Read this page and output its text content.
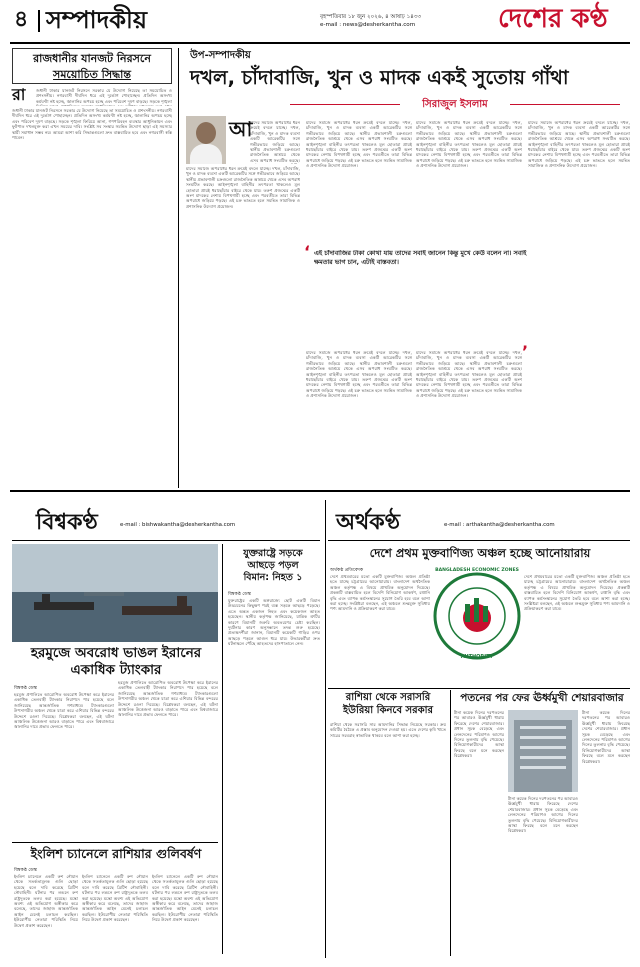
৪ সম্পাদকীয়	বৃহস্পতিবার ১৮ জুন ২০২৬, ৪ আষাঢ় ১৪৩৩
e-mail : news@desherkantha.com	দেশের কণ্ঠ
রাজধানীর যানজট নিরসনে
সময়োচিত সিদ্ধান্ত
রা	জধানী ঢাকার যানজট নিরসনে সরকার যে উদ্যোগ নিয়েছে তা সময়োচিত ও প্রশংসনীয়। নগরবাসী দীর্ঘদিন ধরে এই দুর্ভোগ পোহাচ্ছেন। প্রতিদিন অসংখ্য কর্মঘণ্টা নষ্ট হচ্ছে, জ্বালানির অপচয় হচ্ছে এবং পরিবেশ দূষণ বাড়ছে। সড়কে শৃঙ্খলা
জধানী ঢাকার যানজট নিরসনে সরকার যে উদ্যোগ নিয়েছে তা সময়োচিত ও প্রশংসনীয়। নগরবাসী দীর্ঘদিন ধরে এই দুর্ভোগ পোহাচ্ছেন। প্রতিদিন অসংখ্য কর্মঘণ্টা নষ্ট হচ্ছে, জ্বালানির অপচয় হচ্ছে এবং পরিবেশ দূষণ বাড়ছে। সড়কে শৃঙ্খলা ফিরিয়ে আনা, গণপরিবহন ব্যবস্থার আধুনিকায়ন এবং ফুটপাত দখলমুক্ত করা এখন সময়ের দাবি। সংশ্লিষ্ট সব সংস্থার সমন্বিত উদ্যোগ ছাড়া এই সমস্যার স্থায়ী সমাধান সম্ভব নয়। আমরা আশা করি সিদ্ধান্তগুলো দ্রুত বাস্তবায়িত হবে এবং নগরবাসী স্বস্তি পাবেন।
উপ-সম্পাদকীয়
দখল, চাঁদাবাজি, খুন ও মাদক একই সুতোয় গাঁথা
সিরাজুল ইসলাম
আ
মাদের সমাজে অপরাধের ধরন ক্রমেই বদলে যাচ্ছে। দখল, চাঁদাবাজি, খুন ও মাদক ব্যবসা একটি আরেকটির সঙ্গে গভীরভাবে জড়িয়ে আছে। স্থানীয় প্রভাবশালী চক্রগুলো রাজনৈতিক আশ্রয়ে থেকে এসব অপরাধ সংঘটিত করছে।
মাদের সমাজে অপরাধের ধরন ক্রমেই বদলে যাচ্ছে। দখল, চাঁদাবাজি, খুন ও মাদক ব্যবসা একটি আরেকটির সঙ্গে গভীরভাবে জড়িয়ে আছে। স্থানীয় প্রভাবশালী চক্রগুলো রাজনৈতিক আশ্রয়ে থেকে এসব অপরাধ সংঘটিত করছে। আইনশৃঙ্খলা বাহিনীর তৎপরতা থাকলেও মূল হোতারা প্রায়ই ধরাছোঁয়ার বাইরে থেকে যায়। তরুণ প্রজন্মের একটি অংশ মাদকের নেশায় বিপথগামী হচ্ছে এবং পরবর্তীতে তারা বিভিন্ন অপরাধে জড়িয়ে পড়ছে। এই চক্র ভাঙতে হলে সমন্বিত সামাজিক ও প্রশাসনিক উদ্যোগ প্রয়োজন।
মাদের সমাজে অপরাধের ধরন ক্রমেই বদলে যাচ্ছে। দখল, চাঁদাবাজি, খুন ও মাদক ব্যবসা একটি আরেকটির সঙ্গে গভীরভাবে জড়িয়ে আছে। স্থানীয় প্রভাবশালী চক্রগুলো রাজনৈতিক আশ্রয়ে থেকে এসব অপরাধ সংঘটিত করছে। আইনশৃঙ্খলা বাহিনীর তৎপরতা থাকলেও মূল হোতারা প্রায়ই ধরাছোঁয়ার বাইরে থেকে যায়। তরুণ প্রজন্মের একটি অংশ মাদকের নেশায় বিপথগামী হচ্ছে এবং পরবর্তীতে তারা বিভিন্ন অপরাধে জড়িয়ে পড়ছে। এই চক্র ভাঙতে হলে সমন্বিত সামাজিক ও প্রশাসনিক উদ্যোগ প্রয়োজন।
‘ এই চাঁদাবাজির টাকা কোথা যায় তাদের সবাই জানেন কিন্তু মুখে কেউ বলেন না। সবাই ক্ষমতার ভাগ চান, এটাই বাস্তবতা।
’
মাদের সমাজে অপরাধের ধরন ক্রমেই বদলে যাচ্ছে। দখল, চাঁদাবাজি, খুন ও মাদক ব্যবসা একটি আরেকটির সঙ্গে গভীরভাবে জড়িয়ে আছে। স্থানীয় প্রভাবশালী চক্রগুলো রাজনৈতিক আশ্রয়ে থেকে এসব অপরাধ সংঘটিত করছে। আইনশৃঙ্খলা বাহিনীর তৎপরতা থাকলেও মূল হোতারা প্রায়ই ধরাছোঁয়ার বাইরে থেকে যায়। তরুণ প্রজন্মের একটি অংশ মাদকের নেশায় বিপথগামী হচ্ছে এবং পরবর্তীতে তারা বিভিন্ন অপরাধে জড়িয়ে পড়ছে। এই চক্র ভাঙতে হলে সমন্বিত সামাজিক ও প্রশাসনিক উদ্যোগ প্রয়োজন।
মাদের সমাজে অপরাধের ধরন ক্রমেই বদলে যাচ্ছে। দখল, চাঁদাবাজি, খুন ও মাদক ব্যবসা একটি আরেকটির সঙ্গে গভীরভাবে জড়িয়ে আছে। স্থানীয় প্রভাবশালী চক্রগুলো রাজনৈতিক আশ্রয়ে থেকে এসব অপরাধ সংঘটিত করছে। আইনশৃঙ্খলা বাহিনীর তৎপরতা থাকলেও মূল হোতারা প্রায়ই ধরাছোঁয়ার বাইরে থেকে যায়। তরুণ প্রজন্মের একটি অংশ মাদকের নেশায় বিপথগামী হচ্ছে এবং পরবর্তীতে তারা বিভিন্ন অপরাধে জড়িয়ে পড়ছে। এই চক্র ভাঙতে হলে সমন্বিত সামাজিক ও প্রশাসনিক উদ্যোগ প্রয়োজন।
মাদের সমাজে অপরাধের ধরন ক্রমেই বদলে যাচ্ছে। দখল, চাঁদাবাজি, খুন ও মাদক ব্যবসা একটি আরেকটির সঙ্গে গভীরভাবে জড়িয়ে আছে। স্থানীয় প্রভাবশালী চক্রগুলো রাজনৈতিক আশ্রয়ে থেকে এসব অপরাধ সংঘটিত করছে। আইনশৃঙ্খলা বাহিনীর তৎপরতা থাকলেও মূল হোতারা প্রায়ই ধরাছোঁয়ার বাইরে থেকে যায়। তরুণ প্রজন্মের একটি অংশ মাদকের নেশায় বিপথগামী হচ্ছে এবং পরবর্তীতে তারা বিভিন্ন অপরাধে জড়িয়ে পড়ছে। এই চক্র ভাঙতে হলে সমন্বিত সামাজিক ও প্রশাসনিক উদ্যোগ প্রয়োজন।
মাদের সমাজে অপরাধের ধরন ক্রমেই বদলে যাচ্ছে। দখল, চাঁদাবাজি, খুন ও মাদক ব্যবসা একটি আরেকটির সঙ্গে গভীরভাবে জড়িয়ে আছে। স্থানীয় প্রভাবশালী চক্রগুলো রাজনৈতিক আশ্রয়ে থেকে এসব অপরাধ সংঘটিত করছে। আইনশৃঙ্খলা বাহিনীর তৎপরতা থাকলেও মূল হোতারা প্রায়ই ধরাছোঁয়ার বাইরে থেকে যায়। তরুণ প্রজন্মের একটি অংশ মাদকের নেশায় বিপথগামী হচ্ছে এবং পরবর্তীতে তারা বিভিন্ন অপরাধে জড়িয়ে পড়ছে। এই চক্র ভাঙতে হলে সমন্বিত সামাজিক ও প্রশাসনিক উদ্যোগ প্রয়োজন।
বিশ্বকণ্ঠ	e-mail : bishwakantha@desherkantha.com
যুক্তরাষ্ট্রে সড়কে
আছড়ে পড়ল
বিমান: নিহত ১
বিশ্বকণ্ঠ ডেস্ক
যুক্তরাষ্ট্রের একটি অঙ্গরাজ্যে ছোট একটি বিমান উড্ডয়নের কিছুক্ষণ পরই ব্যস্ত সড়কে আছড়ে পড়েছে। এতে অন্তত একজন নিহত এবং কয়েকজন আহত হয়েছেন। স্থানীয় কর্তৃপক্ষ জানিয়েছে, যান্ত্রিক ত্রুটির কারণে বিমানটি জরুরি অবতরণের চেষ্টা করছিল। দুর্ঘটনার কারণ অনুসন্ধানে তদন্ত শুরু হয়েছে। প্রত্যক্ষদর্শীরা জানান, বিমানটি কয়েকটি গাড়ির ওপর আছড়ে পড়লে আগুন ধরে যায়। উদ্ধারকর্মীরা দ্রুত ঘটনাস্থলে পৌঁছে আহতদের হাসপাতালে নেন।
হরমুজে অবরোধ ভাঙল ইরানের
একাধিক ট্যাংকার
বিশ্বকণ্ঠ ডেস্ক
হরমুজ প্রণালিতে আরোপিত অবরোধ উপেক্ষা করে ইরানের একাধিক তেলবাহী ট্যাংকার নিরাপদে পার হয়েছে বলে জানিয়েছে আন্তর্জাতিক গণমাধ্যম। ট্যাংকারগুলো উপসাগরীয় অঞ্চল থেকে যাত্রা করে এশিয়ার বিভিন্ন বন্দরের উদ্দেশে রওনা দিয়েছে। বিশ্লেষকরা বলছেন, এই ঘটনা আঞ্চলিক উত্তেজনা আরও বাড়াতে পারে এবং বিশ্ববাজারে জ্বালানির দামে প্রভাব ফেলতে পারে।
হরমুজ প্রণালিতে আরোপিত অবরোধ উপেক্ষা করে ইরানের একাধিক তেলবাহী ট্যাংকার নিরাপদে পার হয়েছে বলে জানিয়েছে আন্তর্জাতিক গণমাধ্যম। ট্যাংকারগুলো উপসাগরীয় অঞ্চল থেকে যাত্রা করে এশিয়ার বিভিন্ন বন্দরের উদ্দেশে রওনা দিয়েছে। বিশ্লেষকরা বলছেন, এই ঘটনা আঞ্চলিক উত্তেজনা আরও বাড়াতে পারে এবং বিশ্ববাজারে জ্বালানির দামে প্রভাব ফেলতে পারে।
ইংলিশ চ্যানেলে রাশিয়ার গুলিবর্ষণ
বিশ্বকণ্ঠ ডেস্ক
ইংলিশ চ্যানেলে একটি রুশ নৌযান থেকে সতর্কতামূলক গুলি ছোড়া হয়েছে বলে দাবি করেছে ব্রিটিশ নৌবাহিনী। ঘটনার পর লন্ডনে রুশ রাষ্ট্রদূতকে তলব করা হয়েছে। মস্কো অবশ্য এই অভিযোগ অস্বীকার করে বলেছে, তাদের জাহাজ আন্তর্জাতিক আইন মেনেই চলাচল করছিল। ইউরোপীয় নেতারা পরিস্থিতি নিয়ে উদ্বেগ প্রকাশ করেছেন।
ইংলিশ চ্যানেলে একটি রুশ নৌযান থেকে সতর্কতামূলক গুলি ছোড়া হয়েছে বলে দাবি করেছে ব্রিটিশ নৌবাহিনী। ঘটনার পর লন্ডনে রুশ রাষ্ট্রদূতকে তলব করা হয়েছে। মস্কো অবশ্য এই অভিযোগ অস্বীকার করে বলেছে, তাদের জাহাজ আন্তর্জাতিক আইন মেনেই চলাচল করছিল। ইউরোপীয় নেতারা পরিস্থিতি নিয়ে উদ্বেগ প্রকাশ করেছেন।
ইংলিশ চ্যানেলে একটি রুশ নৌযান থেকে সতর্কতামূলক গুলি ছোড়া হয়েছে বলে দাবি করেছে ব্রিটিশ নৌবাহিনী। ঘটনার পর লন্ডনে রুশ রাষ্ট্রদূতকে তলব করা হয়েছে। মস্কো অবশ্য এই অভিযোগ অস্বীকার করে বলেছে, তাদের জাহাজ আন্তর্জাতিক আইন মেনেই চলাচল করছিল। ইউরোপীয় নেতারা পরিস্থিতি নিয়ে উদ্বেগ প্রকাশ করেছেন।
অর্থকণ্ঠ	e-mail : arthakantha@desherkantha.com
দেশে প্রথম মুক্তবাণিজ্য অঞ্চল হচ্ছে আনোয়ারায়
অর্থকণ্ঠ প্রতিবেদক
দেশে প্রথমবারের মতো একটি মুক্তবাণিজ্য অঞ্চল প্রতিষ্ঠা হতে যাচ্ছে চট্টগ্রামের আনোয়ারায়। বাংলাদেশ অর্থনৈতিক অঞ্চল কর্তৃপক্ষ এ বিষয়ে প্রাথমিক অনুমোদন দিয়েছে। প্রকল্পটি বাস্তবায়িত হলে বিদেশি বিনিয়োগ আকর্ষণ, রপ্তানি বৃদ্ধি এবং ব্যাপক কর্মসংস্থানের সুযোগ তৈরি হবে বলে আশা করা হচ্ছে। সংশ্লিষ্টরা বলছেন, এই অঞ্চলে শুল্কমুক্ত সুবিধায় পণ্য আমদানি ও প্রক্রিয়াকরণ করা যাবে।
BANGLADESH ECONOMIC ZONES
AUTHORITY
দেশে প্রথমবারের মতো একটি মুক্তবাণিজ্য অঞ্চল প্রতিষ্ঠা হতে যাচ্ছে চট্টগ্রামের আনোয়ারায়। বাংলাদেশ অর্থনৈতিক অঞ্চল কর্তৃপক্ষ এ বিষয়ে প্রাথমিক অনুমোদন দিয়েছে। প্রকল্পটি বাস্তবায়িত হলে বিদেশি বিনিয়োগ আকর্ষণ, রপ্তানি বৃদ্ধি এবং ব্যাপক কর্মসংস্থানের সুযোগ তৈরি হবে বলে আশা করা হচ্ছে। সংশ্লিষ্টরা বলছেন, এই অঞ্চলে শুল্কমুক্ত সুবিধায় পণ্য আমদানি ও প্রক্রিয়াকরণ করা যাবে।
রাশিয়া থেকে সরাসরি
ইউরিয়া কিনবে সরকার
রাশিয়া থেকে সরাসরি সার আমদানির সিদ্ধান্ত নিয়েছে সরকার। ক্রয় কমিটির বৈঠকে এ প্রস্তাব অনুমোদন দেওয়া হয়। এতে দেশের কৃষি খাতে সারের সরবরাহ স্বাভাবিক থাকবে বলে আশা করা হচ্ছে।
পতনের পর ফের ঊর্ধ্বমুখী শেয়ারবাজার
টানা কয়েক দিনের দরপতনের পর আবারও ঊর্ধ্বমুখী ধারায় ফিরেছে দেশের শেয়ারবাজার। প্রধান সূচক বেড়েছে এবং লেনদেনের পরিমাণও আগের দিনের তুলনায় বৃদ্ধি পেয়েছে। বিনিয়োগকারীদের আস্থা ফিরছে বলে মনে করছেন বিশ্লেষকরা।
টানা কয়েক দিনের দরপতনের পর আবারও ঊর্ধ্বমুখী ধারায় ফিরেছে দেশের শেয়ারবাজার। প্রধান সূচক বেড়েছে এবং লেনদেনের পরিমাণও আগের দিনের তুলনায় বৃদ্ধি পেয়েছে। বিনিয়োগকারীদের আস্থা ফিরছে বলে মনে করছেন বিশ্লেষকরা।
টানা কয়েক দিনের দরপতনের পর আবারও ঊর্ধ্বমুখী ধারায় ফিরেছে দেশের শেয়ারবাজার। প্রধান সূচক বেড়েছে এবং লেনদেনের পরিমাণও আগের দিনের তুলনায় বৃদ্ধি পেয়েছে। বিনিয়োগকারীদের আস্থা ফিরছে বলে মনে করছেন বিশ্লেষকরা।
